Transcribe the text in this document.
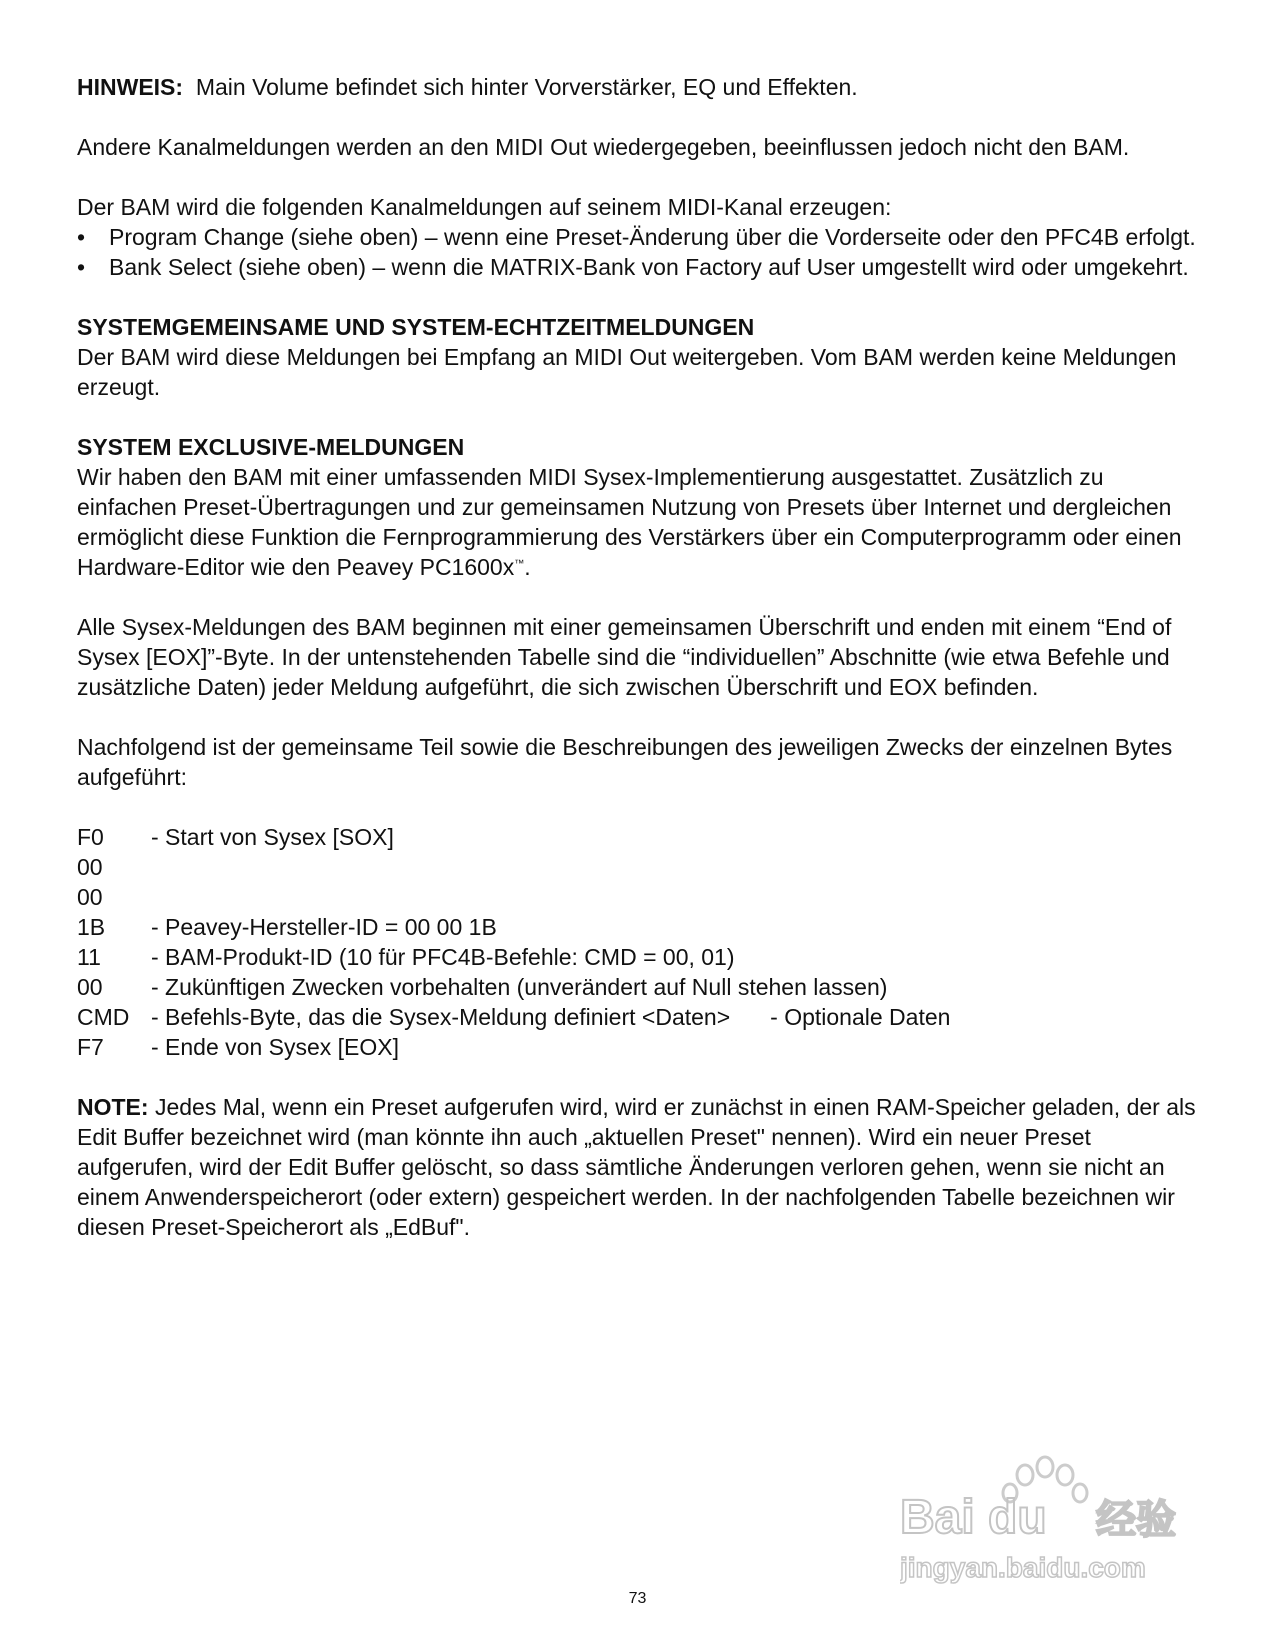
HINWEIS: Main Volume befindet sich hinter Vorverstärker, EQ und Effekten.

Andere Kanalmeldungen werden an den MIDI Out wiedergegeben, beeinflussen jedoch nicht den BAM.

Der BAM wird die folgenden Kanalmeldungen auf seinem MIDI-Kanal erzeugen:

• Program Change (siehe oben) – wenn eine Preset-Änderung über die Vorderseite oder den PFC4B erfolgt.
• Bank Select (siehe oben) – wenn die MATRIX-Bank von Factory auf User umgestellt wird oder umgekehrt.

SYSTEMGEMEINSAME UND SYSTEM-ECHTZEITMELDUNGEN

Der BAM wird diese Meldungen bei Empfang an MIDI Out weitergeben. Vom BAM werden keine Meldungen erzeugt.

SYSTEM EXCLUSIVE-MELDUNGEN

Wir haben den BAM mit einer umfassenden MIDI Sysex-Implementierung ausgestattet. Zusätzlich zu einfachen Preset-Übertragungen und zur gemeinsamen Nutzung von Presets über Internet und dergleichen ermöglicht diese Funktion die Fernprogrammierung des Verstärkers über ein Computerprogramm oder einen Hardware-Editor wie den Peavey PC1600x™.

Alle Sysex-Meldungen des BAM beginnen mit einer gemeinsamen Überschrift und enden mit einem “End of Sysex [EOX]”-Byte. In der untenstehenden Tabelle sind die “individuellen” Abschnitte (wie etwa Befehle und zusätzliche Daten) jeder Meldung aufgeführt, die sich zwischen Überschrift und EOX befinden.

Nachfolgend ist der gemeinsame Teil sowie die Beschreibungen des jeweiligen Zwecks der einzelnen Bytes aufgeführt:

F0	- Start von Sysex [SOX]
00
00
1B	- Peavey-Hersteller-ID = 00 00 1B
11	- BAM-Produkt-ID (10 für PFC4B-Befehle: CMD = 00, 01)
00	- Zukünftigen Zwecken vorbehalten (unverändert auf Null stehen lassen)
CMD - Befehls-Byte, das die Sysex-Meldung definiert <Daten> - Optionale Daten
F7	- Ende von Sysex [EOX]

NOTE: Jedes Mal, wenn ein Preset aufgerufen wird, wird er zunächst in einen RAM-Speicher geladen, der als Edit Buffer bezeichnet wird (man könnte ihn auch „aktuellen Preset" nennen). Wird ein neuer Preset aufgerufen, wird der Edit Buffer gelöscht, so dass sämtliche Änderungen verloren gehen, wenn sie nicht an einem Anwenderspeicherort (oder extern) gespeichert werden. In der nachfolgenden Tabelle bezeichnen wir diesen Preset-Speicherort als „EdBuf".

Bai du 经验
jingyan.baidu.com
73
